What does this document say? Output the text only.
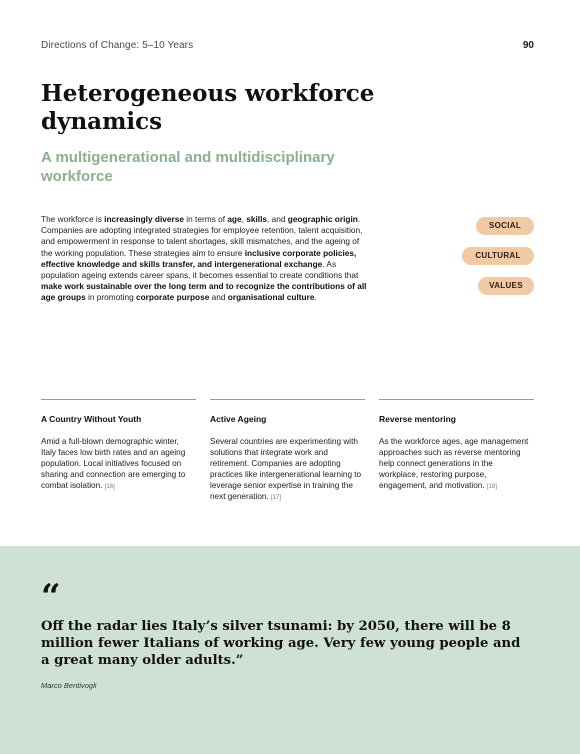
Directions of Change: 5–10 Years	90
Heterogeneous workforce dynamics
A multigenerational and multidisciplinary workforce

The workforce is increasingly diverse in terms of age, skills, and geographic origin. Companies are adopting integrated strategies for employee retention, talent acquisition, and empowerment in response to talent shortages, skill mismatches, and the ageing of the working population. These strategies aim to ensure inclusive corporate policies, effective knowledge and skills transfer, and intergenerational exchange. As population ageing extends career spans, it becomes essential to create conditions that make work sustainable over the long term and to recognize the contributions of all age groups in promoting corporate purpose and organisational culture.

SOCIAL
CULTURAL
VALUES
A Country Without Youth

Amid a full-blown demographic winter, Italy faces low birth rates and an ageing population. Local initiatives focused on sharing and connection are emerging to combat isolation. [16]

Active Ageing

Several countries are experimenting with solutions that integrate work and retirement. Companies are adopting practices like intergenerational learning to leverage senior expertise in training the next generation. [17]

Reverse mentoring

As the workforce ages, age management approaches such as reverse mentoring help connect generations in the workplace, restoring purpose, engagement, and motivation. [18]

“

Off the radar lies Italy’s silver tsunami: by 2050, there will be 8 million fewer Italians of working age. Very few young people and a great many older adults.”

Marco Bentivogli
